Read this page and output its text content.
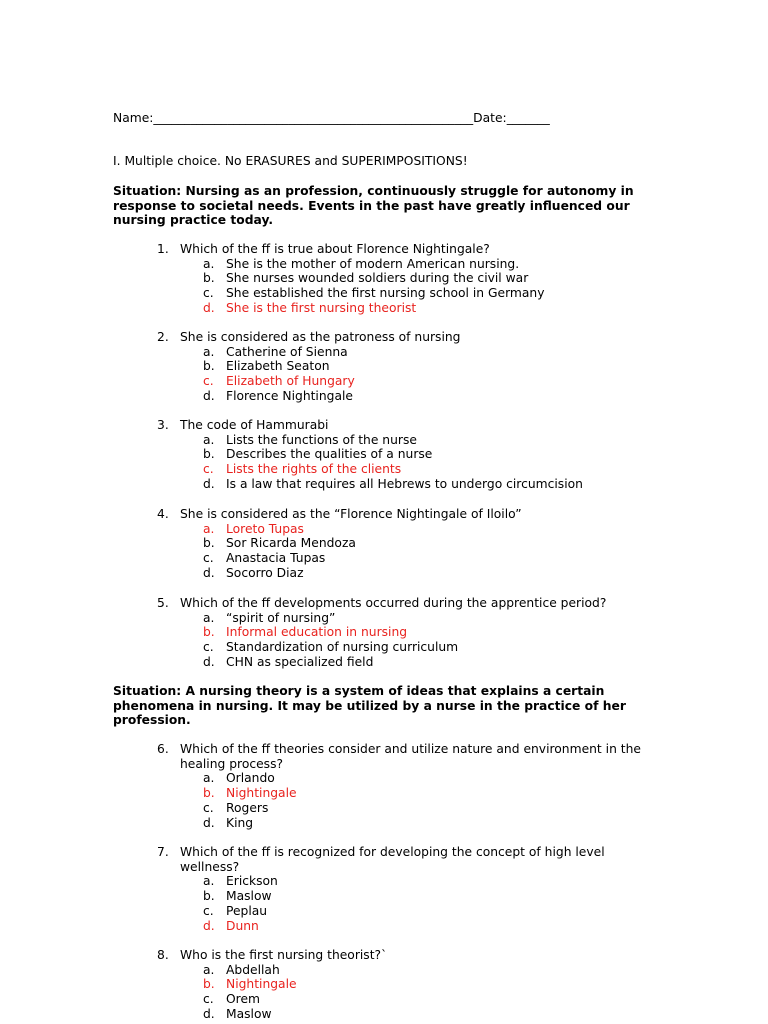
Name:____________________________________________________Date:_______
I. Multiple choice. No ERASURES and SUPERIMPOSITIONS!
Situation: Nursing as an profession, continuously struggle for autonomy in
response to societal needs. Events in the past have greatly influenced our
nursing practice today.
Situation: A nursing theory is a system of ideas that explains a certain
phenomena in nursing. It may be utilized by a nurse in the practice of her
profession.
1. Which of the ff is true about Florence Nightingale?
a. She is the mother of modern American nursing.
b. She nurses wounded soldiers during the civil war
c. She established the first nursing school in Germany
d. She is the first nursing theorist
2. She is considered as the patroness of nursing
a. Catherine of Sienna
b. Elizabeth Seaton
c. Elizabeth of Hungary
d. Florence Nightingale
3. The code of Hammurabi
a. Lists the functions of the nurse
b. Describes the qualities of a nurse
c. Lists the rights of the clients
d. Is a law that requires all Hebrews to undergo circumcision
4. She is considered as the “Florence Nightingale of Iloilo”
a. Loreto Tupas
b. Sor Ricarda Mendoza
c. Anastacia Tupas
d. Socorro Diaz
5. Which of the ff developments occurred during the apprentice period?
a. “spirit of nursing”
b. Informal education in nursing
c. Standardization of nursing curriculum
d. CHN as specialized field
6. Which of the ff theories consider and utilize nature and environment in the
healing process?
a. Orlando
b. Nightingale
c. Rogers
d. King
7. Which of the ff is recognized for developing the concept of high level
wellness?
a. Erickson
b. Maslow
c. Peplau
d. Dunn
8. Who is the first nursing theorist?`
a. Abdellah
b. Nightingale
c. Orem
d. Maslow
